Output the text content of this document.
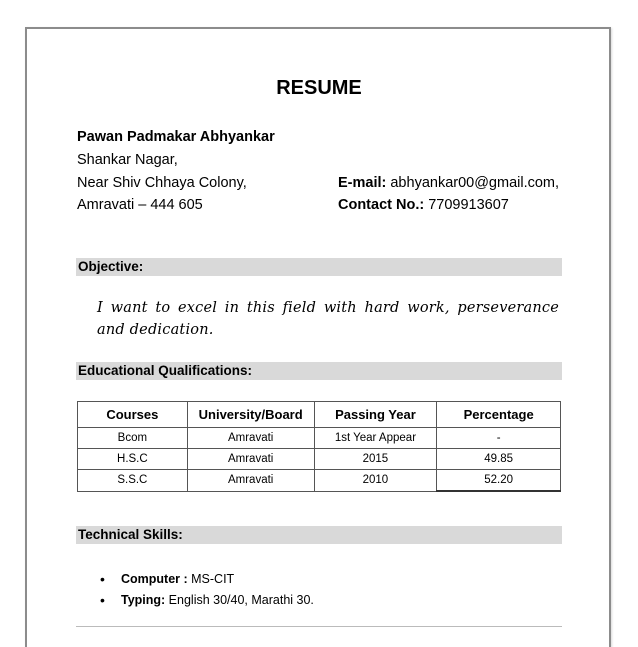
RESUME
Pawan Padmakar Abhyankar
Shankar Nagar,
Near Shiv Chhaya Colony,
Amravati – 444 605
E-mail: abhyankar00@gmail.com,
Contact No.: 7709913607
Objective:
I want to excel in this field with hard work, perseverance and dedication.
Educational Qualifications:
Courses	University/Board	Passing Year	Percentage
Bcom	Amravati	1st Year Appear	-
H.S.C	Amravati	2015	49.85
S.S.C	Amravati	2010	52.20
Technical Skills:
• Computer : MS-CIT
• Typing: English 30/40, Marathi 30.
